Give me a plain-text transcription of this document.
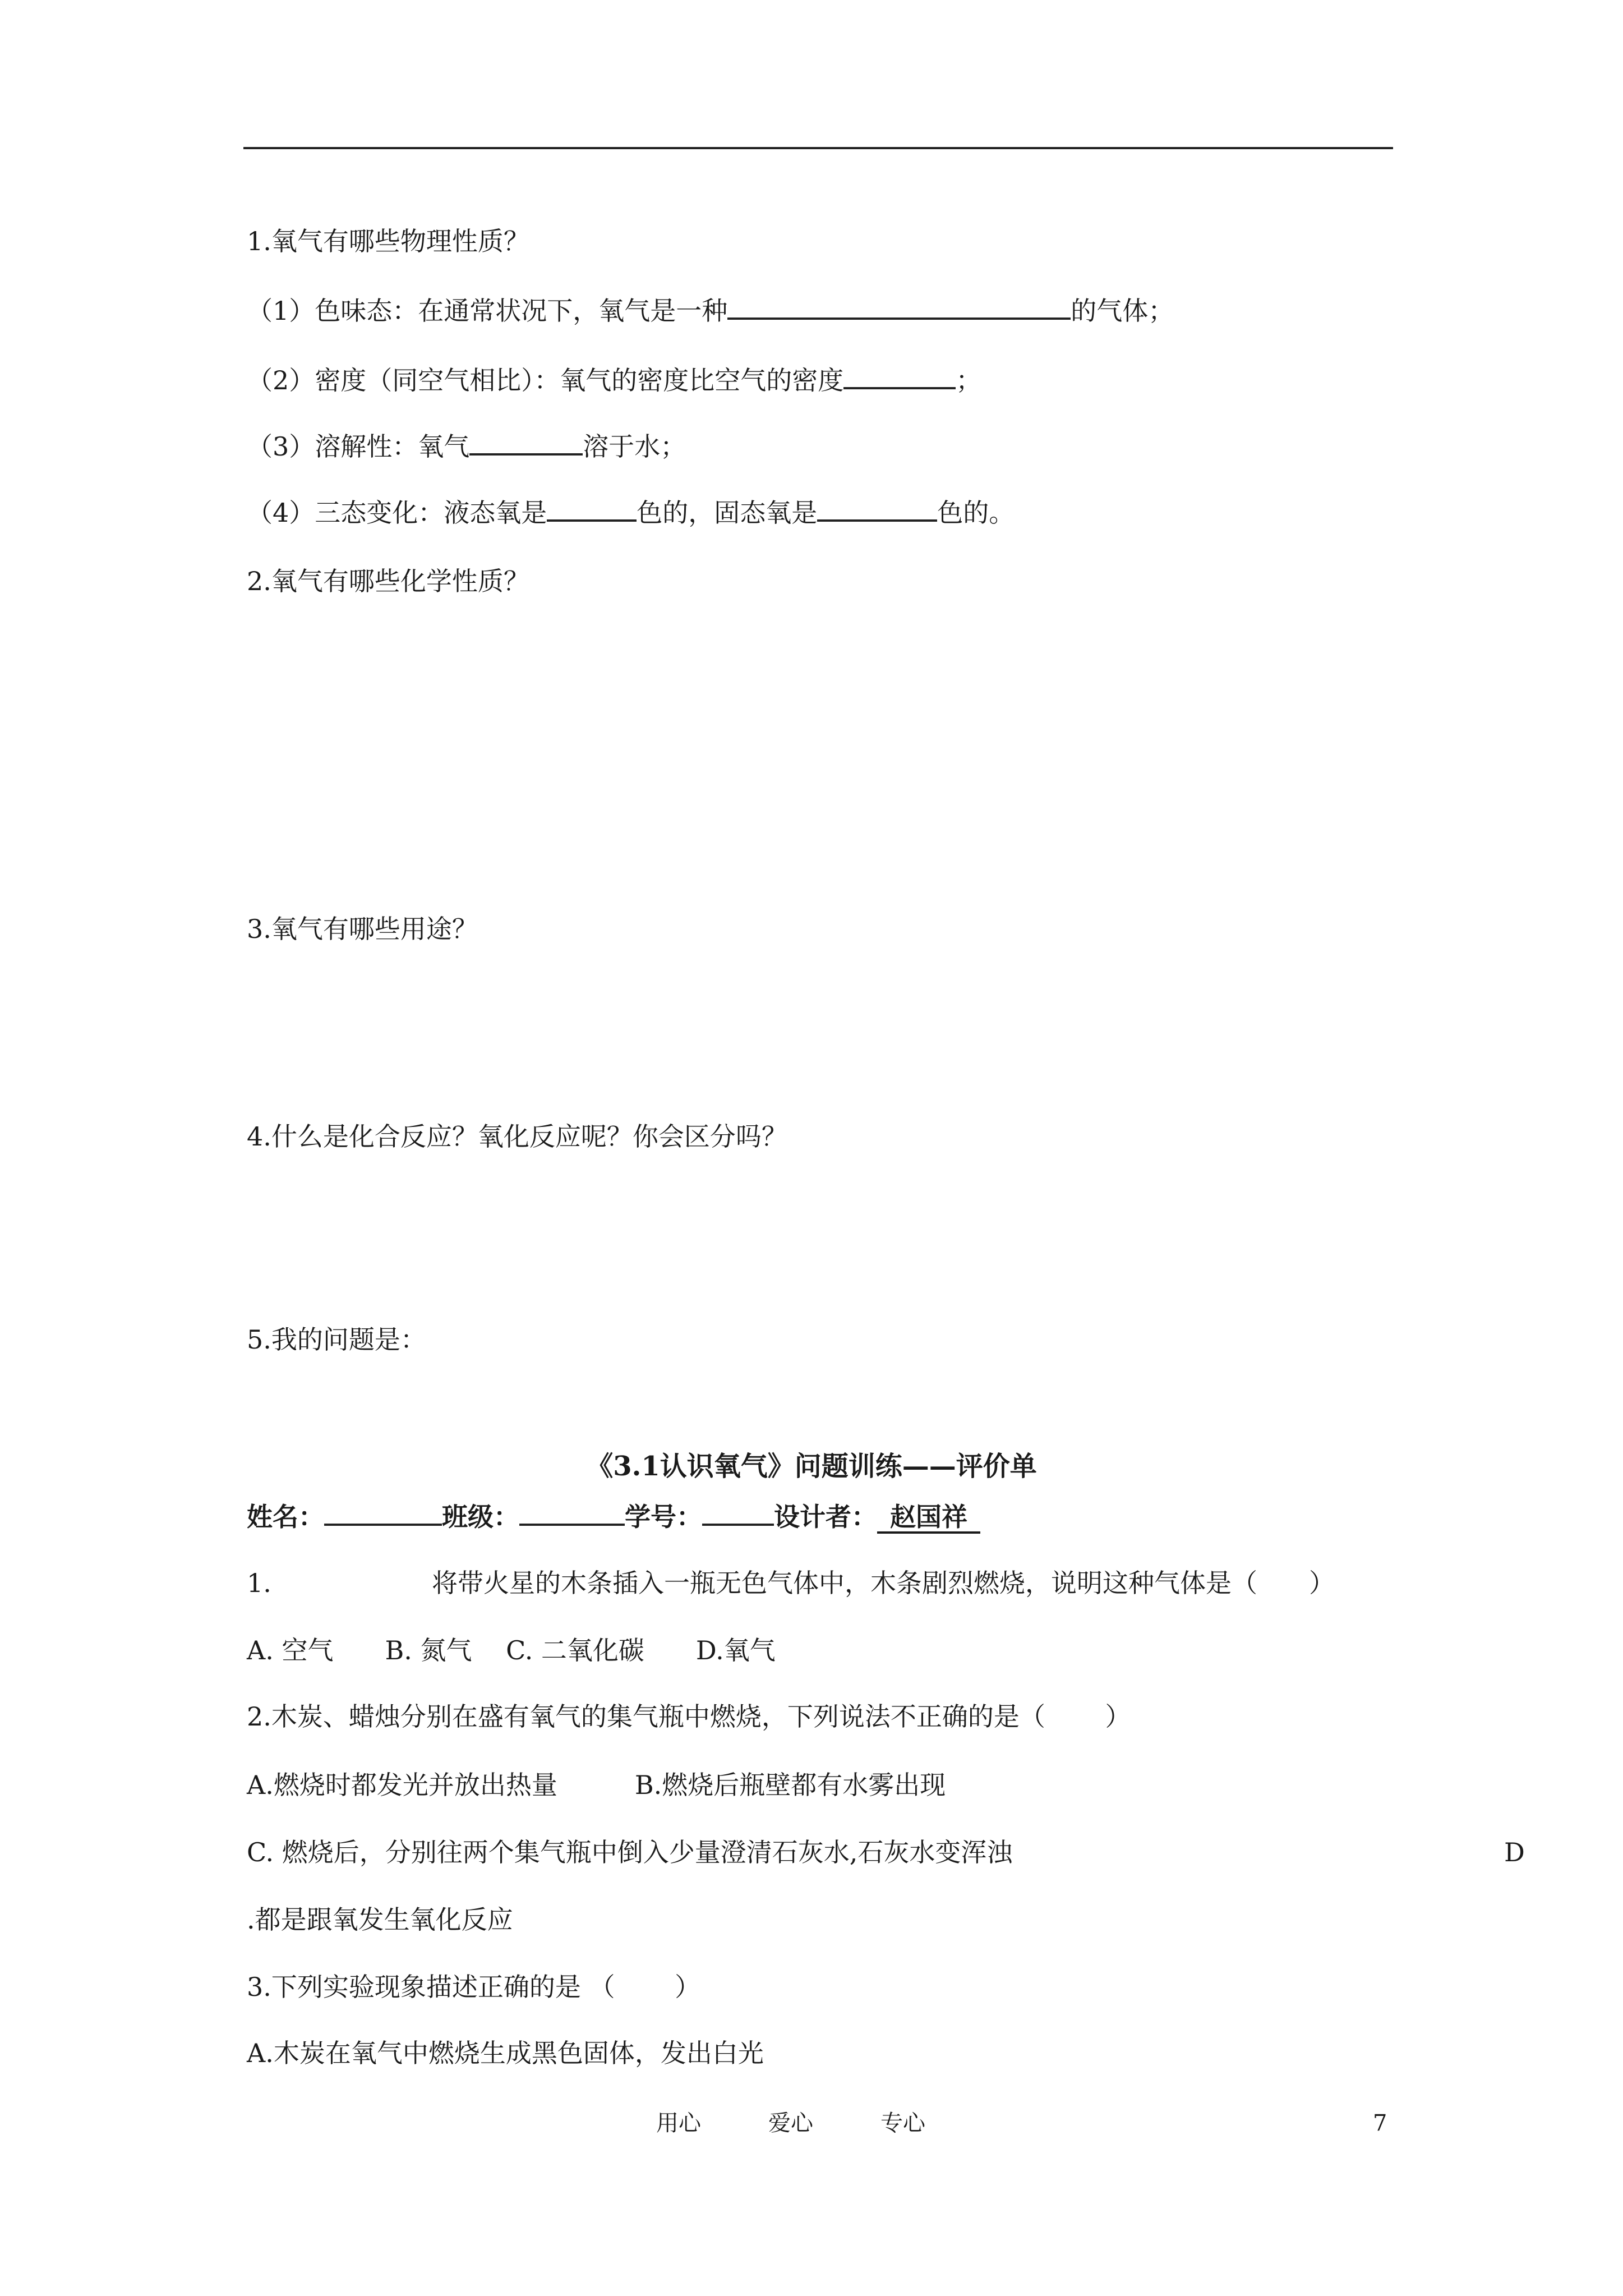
1.氧气有哪些物理性质？
（1）色味态：在通常状况下，氧气是一种	的气体；
（2）密度（同空气相比）：氧气的密度比空气的密度	；
（3）溶解性：氧气	溶于水；
（4）三态变化：液态氧是	色的，固态氧是	色的。
2.氧气有哪些化学性质？
3.氧气有哪些用途？
4.什么是化合反应？氧化反应呢？你会区分吗？
5.我的问题是：
《3.1认识氧气》问题训练——评价单
姓名：	班级：	学号：	设计者：  赵国祥 
1.	将带火星的木条插入一瓶无色气体中，木条剧烈燃烧，说明这种气体是（　　）
A. 空气　　B. 氮气　 C. 二氧化碳　　D.氧气
2.木炭、蜡烛分别在盛有氧气的集气瓶中燃烧，下列说法不正确的是（　　 ）
A.燃烧时都发光并放出热量　　　B.燃烧后瓶壁都有水雾出现
C. 燃烧后，分别往两个集气瓶中倒入少量澄清石灰水,石灰水变浑浊	D
.都是跟氧发生氧化反应
3.下列实验现象描述正确的是 （　　 ）
A.木炭在氧气中燃烧生成黑色固体，发出白光
用心	爱心	专心	7
